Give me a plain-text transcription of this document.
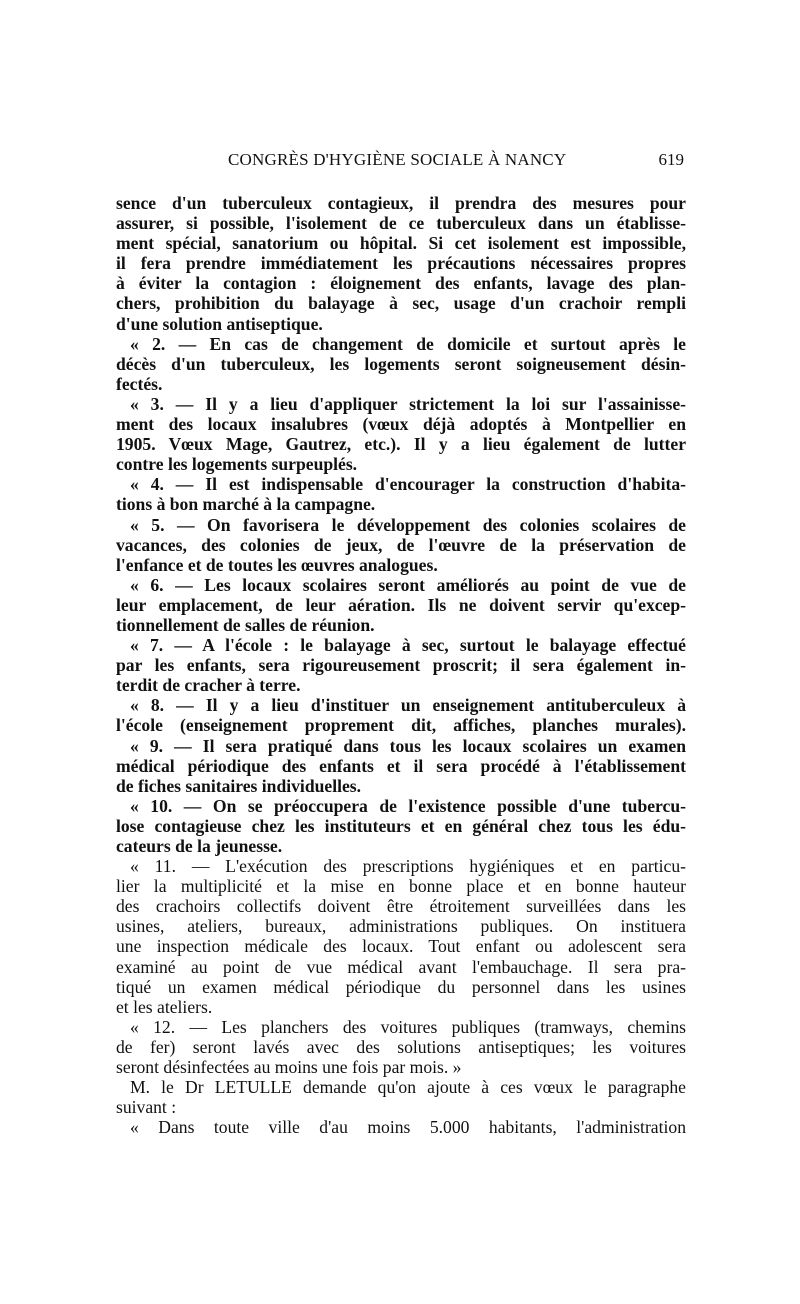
CONGRÈS D'HYGIÈNE SOCIALE À NANCY	619
sence d'un tuberculeux contagieux, il prendra des mesures pour
assurer, si possible, l'isolement de ce tuberculeux dans un établisse-
ment spécial, sanatorium ou hôpital. Si cet isolement est impossible,
il fera prendre immédiatement les précautions nécessaires propres
à éviter la contagion : éloignement des enfants, lavage des plan-
chers, prohibition du balayage à sec, usage d'un crachoir rempli
d'une solution antiseptique.
« 2. — En cas de changement de domicile et surtout après le
décès d'un tuberculeux, les logements seront soigneusement désin-
fectés.
« 3. — Il y a lieu d'appliquer strictement la loi sur l'assainisse-
ment des locaux insalubres (vœux déjà adoptés à Montpellier en
1905. Vœux Mage, Gautrez, etc.). Il y a lieu également de lutter
contre les logements surpeuplés.
« 4. — Il est indispensable d'encourager la construction d'habita-
tions à bon marché à la campagne.
« 5. — On favorisera le développement des colonies scolaires de
vacances, des colonies de jeux, de l'œuvre de la préservation de
l'enfance et de toutes les œuvres analogues.
« 6. — Les locaux scolaires seront améliorés au point de vue de
leur emplacement, de leur aération. Ils ne doivent servir qu'excep-
tionnellement de salles de réunion.
« 7. — A l'école : le balayage à sec, surtout le balayage effectué
par les enfants, sera rigoureusement proscrit; il sera également in-
terdit de cracher à terre.
« 8. — Il y a lieu d'instituer un enseignement antituberculeux à
l'école (enseignement proprement dit, affiches, planches murales).
« 9. — Il sera pratiqué dans tous les locaux scolaires un examen
médical périodique des enfants et il sera procédé à l'établissement
de fiches sanitaires individuelles.
« 10. — On se préoccupera de l'existence possible d'une tubercu-
lose contagieuse chez les instituteurs et en général chez tous les édu-
cateurs de la jeunesse.
« 11. — L'exécution des prescriptions hygiéniques et en particu-
lier la multiplicité et la mise en bonne place et en bonne hauteur
des crachoirs collectifs doivent être étroitement surveillées dans les
usines, ateliers, bureaux, administrations publiques. On instituera
une inspection médicale des locaux. Tout enfant ou adolescent sera
examiné au point de vue médical avant l'embauchage. Il sera pra-
tiqué un examen médical périodique du personnel dans les usines
et les ateliers.
« 12. — Les planchers des voitures publiques (tramways, chemins
de fer) seront lavés avec des solutions antiseptiques; les voitures
seront désinfectées au moins une fois par mois. »
M. le Dr LETULLE demande qu'on ajoute à ces vœux le paragraphe
suivant :
« Dans toute ville d'au moins 5.000 habitants, l'administration
